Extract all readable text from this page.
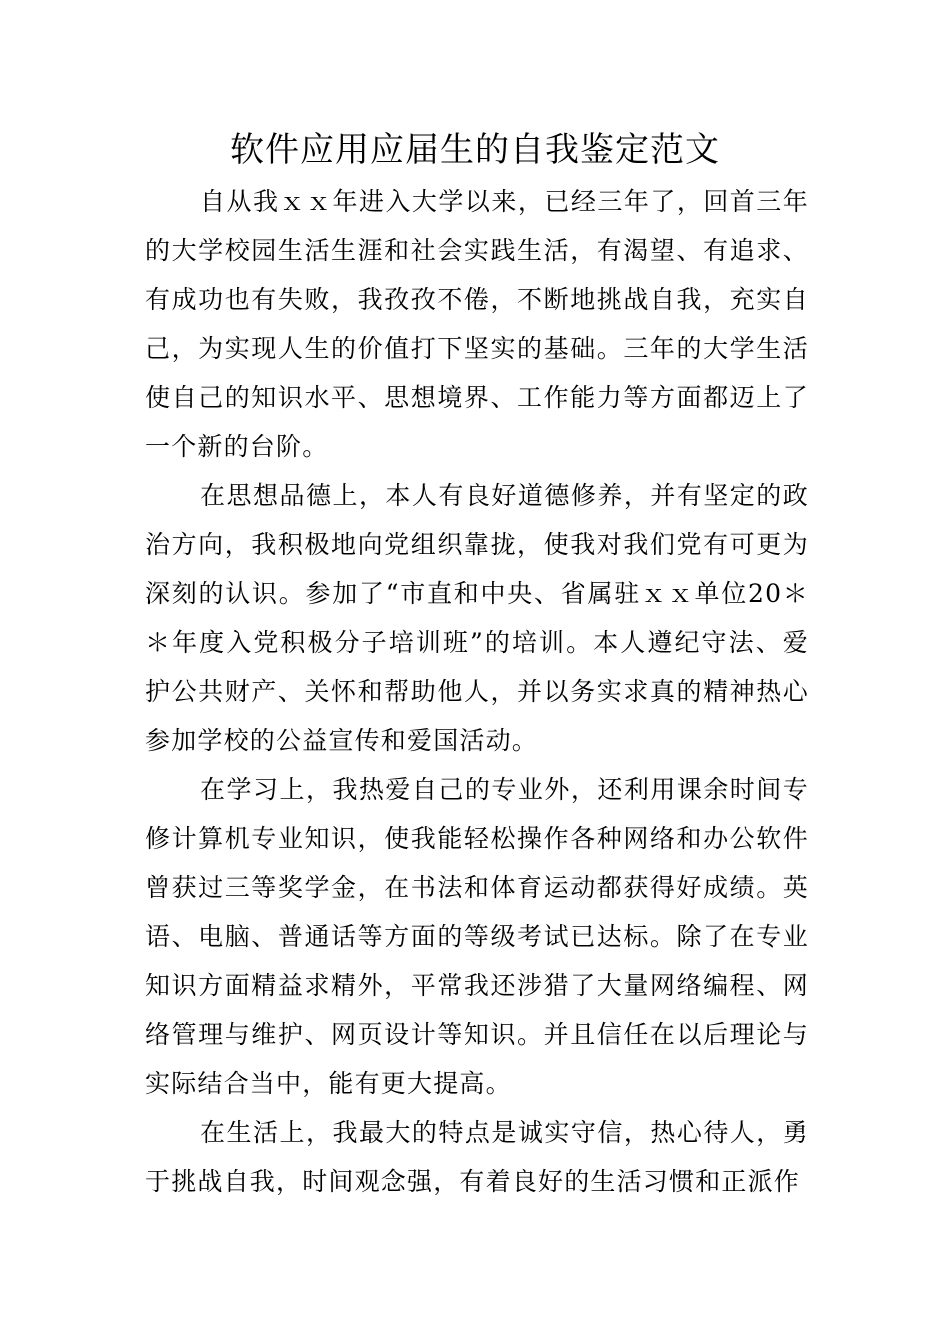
软件应用应届生的自我鉴定范文

自从我ｘｘ年进入大学以来，已经三年了，回首三年的大学校园生活生涯和社会实践生活，有渴望、有追求、有成功也有失败，我孜孜不倦，不断地挑战自我，充实自己，为实现人生的价值打下坚实的基础。三年的大学生活使自己的知识水平、思想境界、工作能力等方面都迈上了一个新的台阶。

在思想品德上，本人有良好道德修养，并有坚定的政治方向，我积极地向党组织靠拢，使我对我们党有可更为深刻的认识。参加了“市直和中央、省属驻ｘｘ单位20＊＊年度入党积极分子培训班”的培训。本人遵纪守法、爱护公共财产、关怀和帮助他人，并以务实求真的精神热心参加学校的公益宣传和爱国活动。

在学习上，我热爱自己的专业外，还利用课余时间专修计算机专业知识，使我能轻松操作各种网络和办公软件曾获过三等奖学金，在书法和体育运动都获得好成绩。英语、电脑、普通话等方面的等级考试已达标。除了在专业知识方面精益求精外，平常我还涉猎了大量网络编程、网络管理与维护、网页设计等知识。并且信任在以后理论与实际结合当中，能有更大提高。

在生活上，我最大的特点是诚实守信，热心待人，勇于挑战自我，时间观念强，有着良好的生活习惯和正派作
